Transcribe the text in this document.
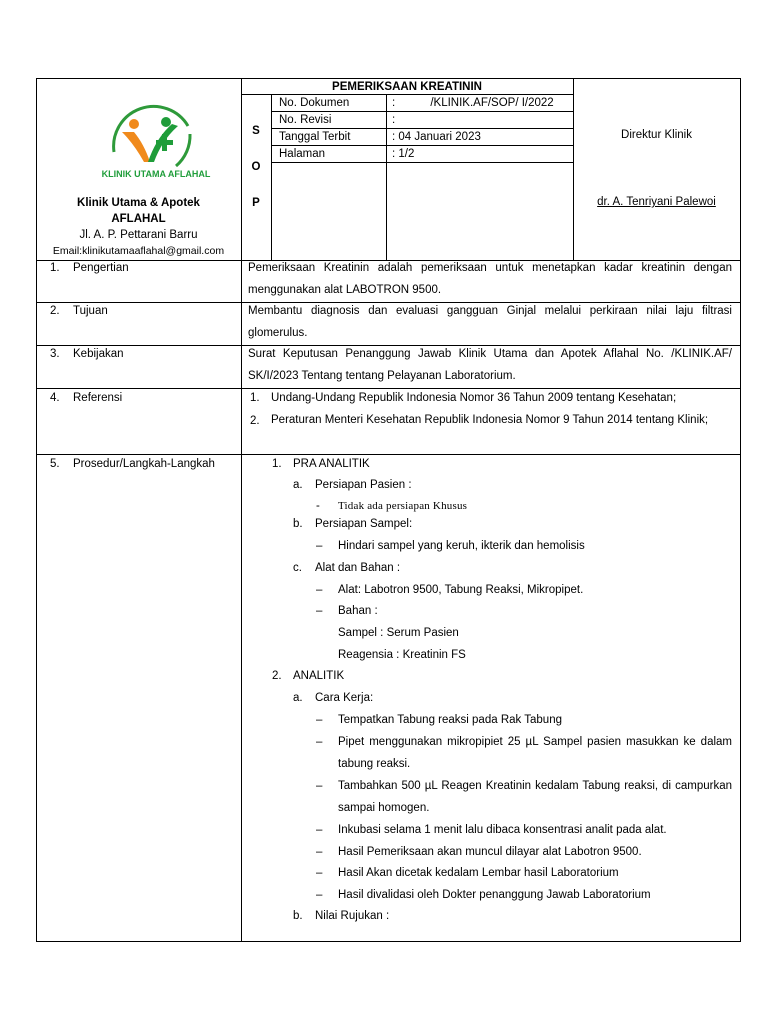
KLINIK UTAMA AFLAHAL
Klinik Utama & Apotek
AFLAHAL
Jl. A. P. Pettarani Barru
Email:klinikutamaaflahal@gmail.com
PEMERIKSAAN KREATININ
S
O
P
No. Dokumen	:           /KLINIK.AF/SOP/ I/2022
No. Revisi	:
Tanggal Terbit	: 04 Januari 2023
Halaman	: 1/2
Direktur Klinik
dr. A. Tenriyani Palewoi
1. Pengertian	Pemeriksaan Kreatinin adalah pemeriksaan untuk menetapkan kadar kreatinin dengan menggunakan alat LABOTRON 9500.
2. Tujuan	Membantu diagnosis dan evaluasi gangguan Ginjal melalui perkiraan nilai laju filtrasi glomerulus.
3. Kebijakan	Surat Keputusan Penanggung Jawab Klinik Utama dan Apotek Aflahal No. /KLINIK.AF/ SK/I/2023 Tentang tentang Pelayanan Laboratorium.
4. Referensi	1. Undang-Undang Republik Indonesia Nomor 36 Tahun 2009 tentang Kesehatan;
2. Peraturan Menteri Kesehatan Republik Indonesia Nomor 9 Tahun 2014 tentang Klinik;
5. Prosedur/Langkah-Langkah	1. PRA ANALITIK
a. Persiapan Pasien :
- Tidak ada persiapan Khusus
b. Persiapan Sampel:
– Hindari sampel yang keruh, ikterik dan hemolisis
c. Alat dan Bahan :
– Alat: Labotron 9500, Tabung Reaksi, Mikropipet.
– Bahan :
Sampel : Serum Pasien
Reagensia : Kreatinin FS
2. ANALITIK
a. Cara Kerja:
– Tempatkan Tabung reaksi pada Rak Tabung
– Pipet menggunakan mikropipiet 25 µL Sampel pasien masukkan ke dalam tabung reaksi.
– Tambahkan 500 µL Reagen Kreatinin kedalam Tabung reaksi, di campurkan sampai homogen.
– Inkubasi selama 1 menit lalu dibaca konsentrasi analit pada alat.
– Hasil Pemeriksaan akan muncul dilayar alat Labotron 9500.
– Hasil Akan dicetak kedalam Lembar hasil Laboratorium
– Hasil divalidasi oleh Dokter penanggung Jawab Laboratorium
b. Nilai Rujukan :
